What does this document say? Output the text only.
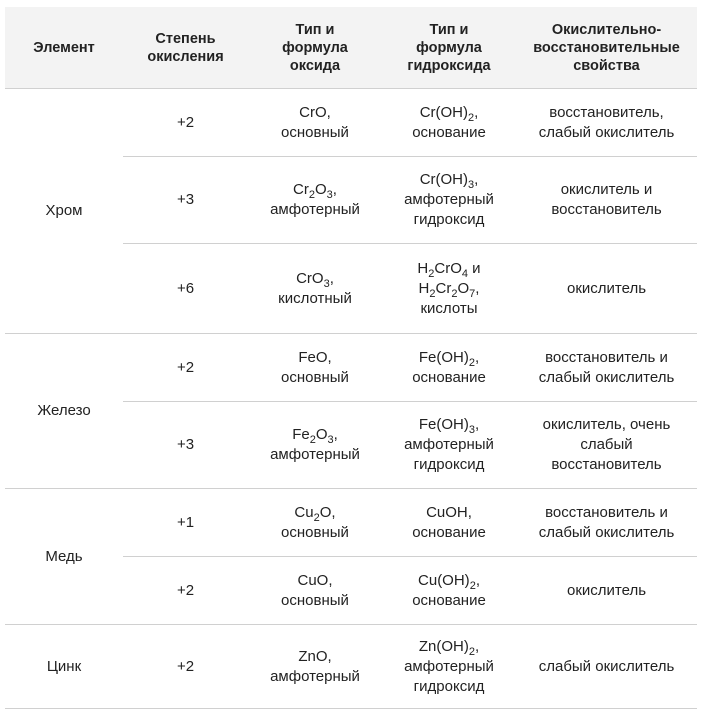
Элемент
Степень
окисления
Тип и
формула
оксида
Тип и
формула
гидроксида
Окислительно-
восстановительные
свойства
Хром
Железо
Медь
Цинк
+2
CrO,
основный
$Cr(OH)_2$,
основание
восстановитель,
слабый окислитель
+3
$Cr_2O_3$,
амфотерный
$Cr(OH)_3$,
амфотерный
гидроксид
окислитель и
восстановитель
+6
CrO$_3$,
кислотный
$H_2CrO_4$ и
$H_2Cr_2O_7$,
кислоты
окислитель
+2
FeO,
основный
$Fe(OH)_2$,
основание
восстановитель и
слабый окислитель
+3
$Fe_2O_3$,
амфотерный
$Fe(OH)_3$,
амфотерный
гидроксид
окислитель, очень
слабый
восстановитель
+1
$Cu_2O$,
основный
CuOH,
основание
восстановитель и
слабый окислитель
+2
CuO,
основный
$Cu(OH)_2$,
основание
окислитель
+2
ZnO,
амфотерный
$Zn(OH)_2$,
амфотерный
гидроксид
слабый окислитель
